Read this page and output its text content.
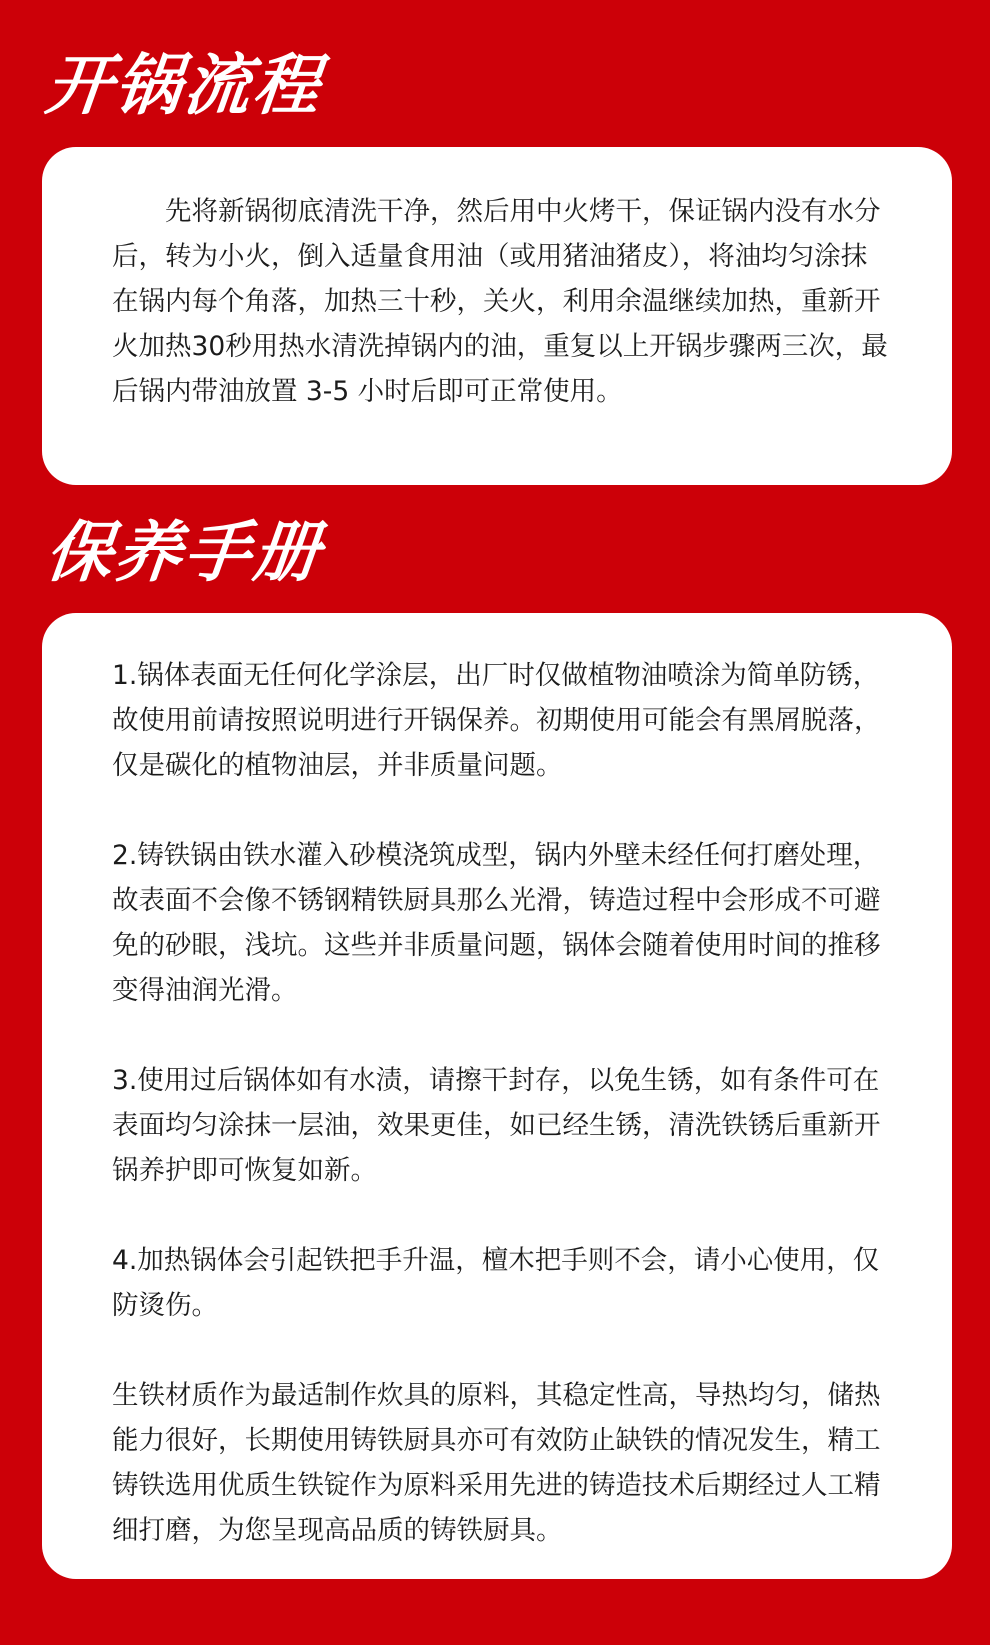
开锅流程

先将新锅彻底清洗干净，然后用中火烤干，保证锅内没有水分后，转为小火，倒入适量食用油（或用猪油猪皮），将油均匀涂抹在锅内每个角落，加热三十秒，关火，利用余温继续加热，重新开火加热30秒用热水清洗掉锅内的油，重复以上开锅步骤两三次，最后锅内带油放置 3-5 小时后即可正常使用。

保养手册

1.锅体表面无任何化学涂层，出厂时仅做植物油喷涂为简单防锈，故使用前请按照说明进行开锅保养。初期使用可能会有黑屑脱落，仅是碳化的植物油层，并非质量问题。

2.铸铁锅由铁水灌入砂模浇筑成型，锅内外壁未经任何打磨处理，故表面不会像不锈钢精铁厨具那么光滑，铸造过程中会形成不可避免的砂眼，浅坑。这些并非质量问题，锅体会随着使用时间的推移变得油润光滑。

3.使用过后锅体如有水渍，请擦干封存，以免生锈，如有条件可在表面均匀涂抹一层油，效果更佳，如已经生锈，清洗铁锈后重新开锅养护即可恢复如新。

4.加热锅体会引起铁把手升温，檀木把手则不会，请小心使用，仅防烫伤。

生铁材质作为最适制作炊具的原料，其稳定性高，导热均匀，储热能力很好，长期使用铸铁厨具亦可有效防止缺铁的情况发生，精工铸铁选用优质生铁锭作为原料采用先进的铸造技术后期经过人工精细打磨，为您呈现高品质的铸铁厨具。
